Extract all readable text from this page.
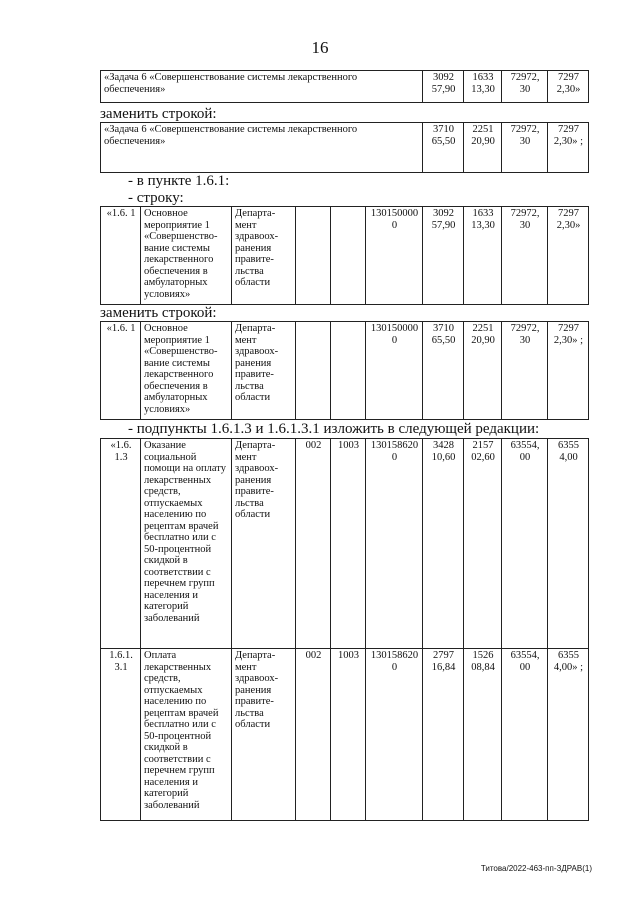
16
«Задача 6 «Совершенствование системы лекарственного обеспечения»	3092 57,90	1633 13,30	72972, 30	7297 2,30»
заменить строкой:
«Задача 6 «Совершенствование системы лекарственного обеспечения»	3710 65,50	2251 20,90	72972, 30	7297 2,30» ;
- в пункте 1.6.1:
- строку:
«1.6. 1	Основное мероприятие 1 «Совершенство-вание системы лекарственного обеспечения в амбулаторных условиях»	Департа-мент здравоох-ранения правите-льства области			130150000 0	3092 57,90	1633 13,30	72972, 30	7297 2,30»
заменить строкой:
«1.6. 1	Основное мероприятие 1 «Совершенство-вание системы лекарственного обеспечения в амбулаторных условиях»	Департа-мент здравоох-ранения правите-льства области			130150000 0	3710 65,50	2251 20,90	72972, 30	7297 2,30» ;
- подпункты 1.6.1.3 и 1.6.1.3.1 изложить в следующей редакции:
«1.6. 1.3	Оказание социальной помощи на оплату лекарственных средств, отпускаемых населению по рецептам врачей бесплатно или с 50-процентной скидкой в соответствии с перечнем групп населения и категорий заболеваний	Департа-мент здравоох-ранения правите-льства области	002	1003	130158620 0	3428 10,60	2157 02,60	63554, 00	6355 4,00
1.6.1. 3.1	Оплата лекарственных средств, отпускаемых населению по рецептам врачей бесплатно или с 50-процентной скидкой в соответствии с перечнем групп населения и категорий заболеваний	Департа-мент здравоох-ранения правите-льства области	002	1003	130158620 0	2797 16,84	1526 08,84	63554, 00	6355 4,00» ;
Титова/2022-463-пп-ЗДРАВ(1)
